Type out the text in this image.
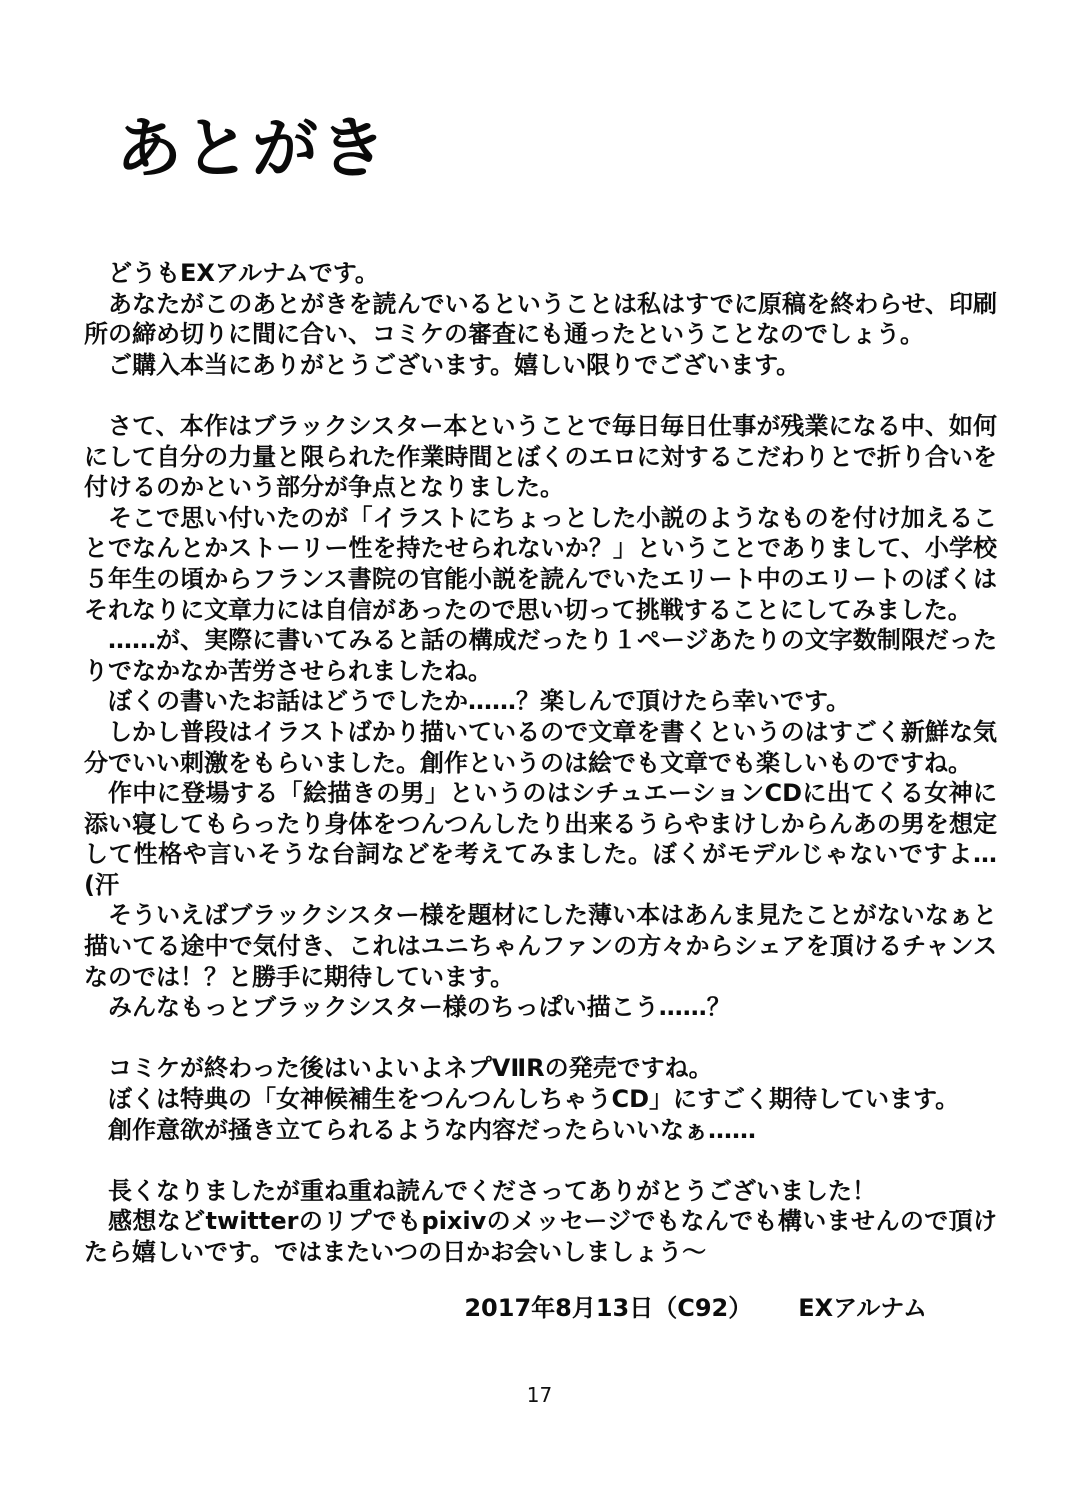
あとがき

どうもEXアルナムです。

あなたがこのあとがきを読んでいるということは私はすでに原稿を終わらせ、印刷所の締め切りに間に合い、コミケの審査にも通ったということなのでしょう。

ご購入本当にありがとうございます。嬉しい限りでございます。

さて、本作はブラックシスター本ということで毎日毎日仕事が残業になる中、如何にして自分の力量と限られた作業時間とぼくのエロに対するこだわりとで折り合いを付けるのかという部分が争点となりました。

そこで思い付いたのが「イラストにちょっとした小説のようなものを付け加えることでなんとかストーリー性を持たせられないか？」ということでありまして、小学校５年生の頃からフランス書院の官能小説を読んでいたエリート中のエリートのぼくはそれなりに文章力には自信があったので思い切って挑戦することにしてみました。

……が、実際に書いてみると話の構成だったり１ページあたりの文字数制限だったりでなかなか苦労させられましたね。

ぼくの書いたお話はどうでしたか……？楽しんで頂けたら幸いです。

しかし普段はイラストばかり描いているので文章を書くというのはすごく新鮮な気分でいい刺激をもらいました。創作というのは絵でも文章でも楽しいものですね。

作中に登場する「絵描きの男」というのはシチュエーションCDに出てくる女神に添い寝してもらったり身体をつんつんしたり出来るうらやまけしからんあの男を想定して性格や言いそうな台詞などを考えてみました。ぼくがモデルじゃないですよ…(汗

そういえばブラックシスター様を題材にした薄い本はあんま見たことがないなぁと描いてる途中で気付き、これはユニちゃんファンの方々からシェアを頂けるチャンスなのでは！？と勝手に期待しています。

みんなもっとブラックシスター様のちっぱい描こう……？

コミケが終わった後はいよいよネプVⅡRの発売ですね。

ぼくは特典の「女神候補生をつんつんしちゃうCD」にすごく期待しています。

創作意欲が掻き立てられるような内容だったらいいなぁ……

長くなりましたが重ね重ね読んでくださってありがとうございました！

感想などtwitterのリプでもpixivのメッセージでもなんでも構いませんので頂けたら嬉しいです。ではまたいつの日かお会いしましょう～

2017年8月13日（C92） EXアルナム
17
